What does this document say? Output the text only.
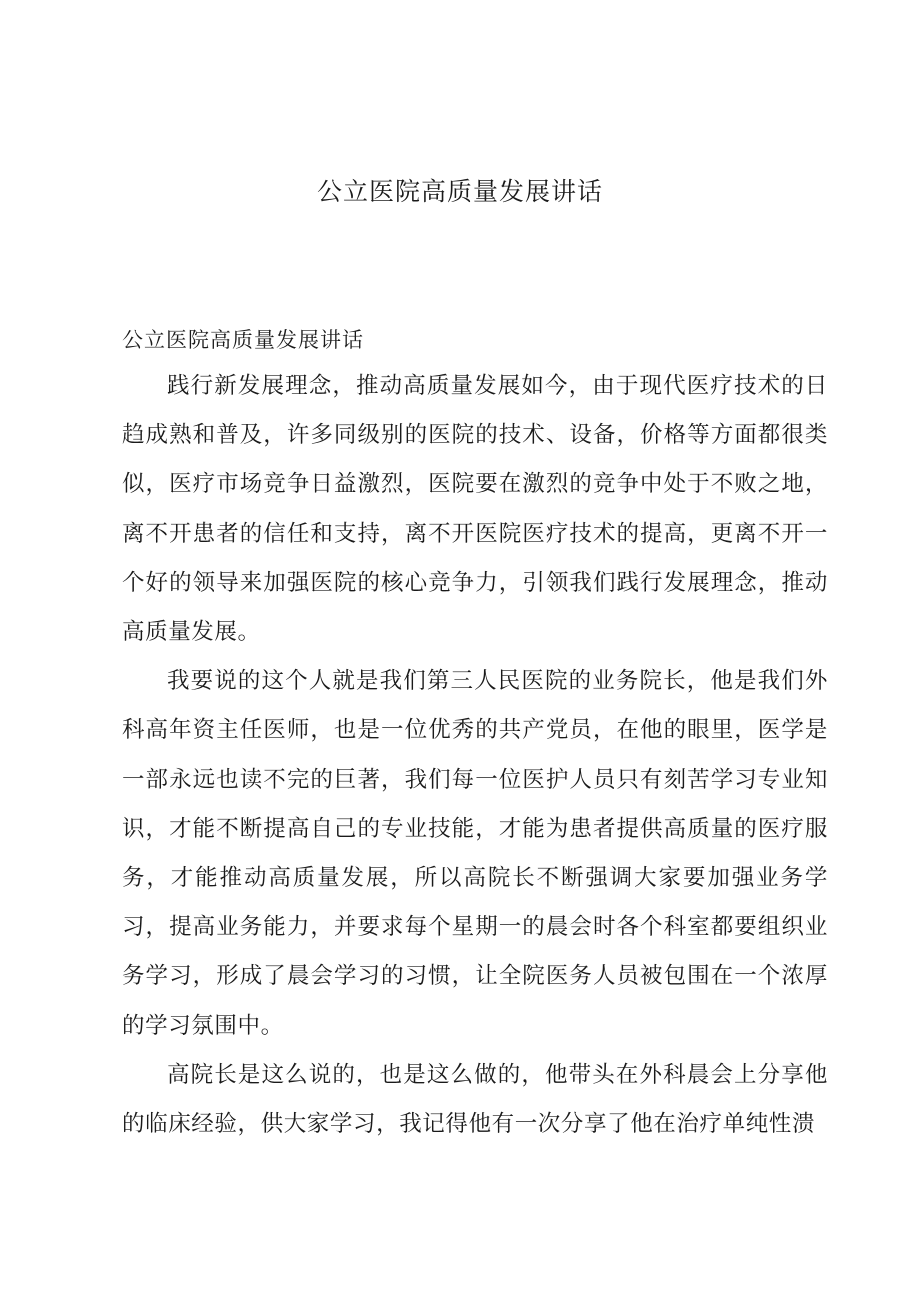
公立医院高质量发展讲话

公立医院高质量发展讲话

践行新发展理念，推动高质量发展如今，由于现代医疗技术的日趋成熟和普及，许多同级别的医院的技术、设备，价格等方面都很类似，医疗市场竞争日益激烈，医院要在激烈的竞争中处于不败之地，离不开患者的信任和支持，离不开医院医疗技术的提高，更离不开一个好的领导来加强医院的核心竞争力，引领我们践行发展理念，推动高质量发展。

我要说的这个人就是我们第三人民医院的业务院长，他是我们外科高年资主任医师，也是一位优秀的共产党员，在他的眼里，医学是一部永远也读不完的巨著，我们每一位医护人员只有刻苦学习专业知识，才能不断提高自己的专业技能，才能为患者提供高质量的医疗服务，才能推动高质量发展，所以高院长不断强调大家要加强业务学习，提高业务能力，并要求每个星期一的晨会时各个科室都要组织业务学习，形成了晨会学习的习惯，让全院医务人员被包围在一个浓厚的学习氛围中。

高院长是这么说的，也是这么做的，他带头在外科晨会上分享他的临床经验，供大家学习，我记得他有一次分享了他在治疗单纯性溃
